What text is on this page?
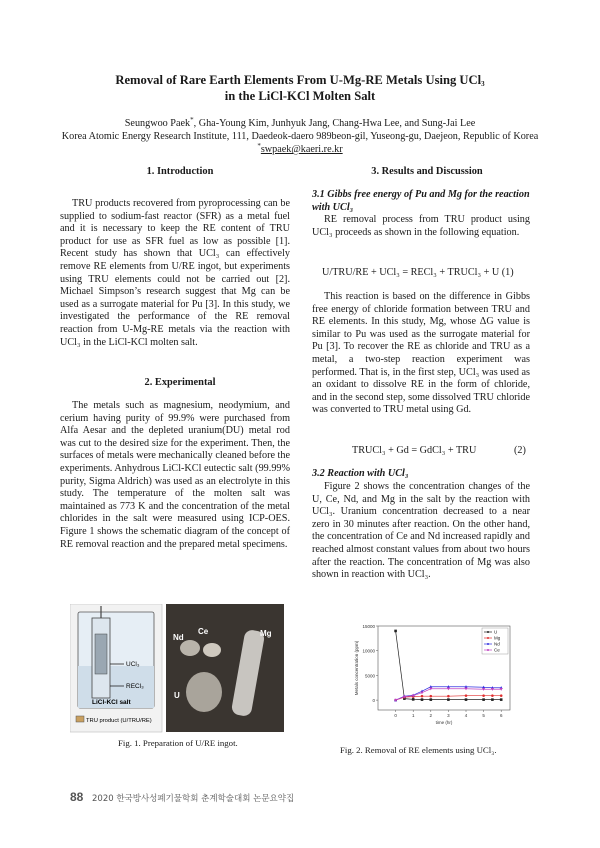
Removal of Rare Earth Elements From U-Mg-RE Metals Using UCl$_3$
in the LiCl-KCl Molten Salt
Seungwoo Paek*, Gha-Young Kim, Junhyuk Jang, Chang-Hwa Lee, and Sung-Jai Lee
Korea Atomic Energy Research Institute, 111, Daedeok-daero 989beon-gil, Yuseong-gu, Daejeon, Republic of Korea
*swpaek@kaeri.re.kr
1. Introduction

TRU products recovered from pyroprocessing can be supplied to sodium-fast reactor (SFR) as a metal fuel and it is necessary to keep the RE content of TRU product for use as SFR fuel as low as possible [1]. Recent study has shown that UCl₃ can effectively remove RE elements from U/RE ingot, but experiments using TRU elements could not be carried out [2]. Michael Simpson’s research suggest that Mg can be used as a surrogate material for Pu [3]. In this study, we investigated the performance of the RE removal reaction from U-Mg-RE metals via the reaction with UCl₃ in the LiCl-KCl molten salt.

2. Experimental

The metals such as magnesium, neodymium, and cerium having purity of 99.9% were purchased from Alfa Aesar and the depleted uranium(DU) metal rod was cut to the desired size for the experiment. Then, the surfaces of metals were mechanically cleaned before the experiments. Anhydrous LiCl-KCl eutectic salt (99.99% purity, Sigma Aldrich) was used as an electrolyte in this study. The temperature of the molten salt was maintained as 773 K and the concentration of the metal chlorides in the salt were measured using ICP-OES. Figure 1 shows the schematic diagram of the concept of RE removal reaction and the prepared metal specimens.

UCl₃
RECl₃
LiCl-KCl salt
TRU product (U/TRU/RE)
Nd
Ce	Mg
U
Fig. 1. Preparation of U/RE ingot.
3. Results and Discussion
3.1 Gibbs free energy of Pu and Mg for the reaction with UCl₃

RE removal process from TRU product using UCl₃ proceeds as shown in the following equation.

U/TRU/RE + UCl₃ = RECl₃ + TRUCl₃ + U (1)

This reaction is based on the difference in Gibbs free energy of chloride formation between TRU and RE elements. In this study, Mg, whose ΔG value is similar to Pu was used as the surrogate material for Pu [3]. To recover the RE as chloride and TRU as a metal, a two-step reaction experiment was performed. That is, in the first step, UCl₃ was used as an oxidant to dissolve RE in the form of chloride, and in the second step, some dissolved TRU chloride was converted to TRU metal using Gd.

TRUCl₃ + Gd = GdCl₃ + TRU	(2)
3.2 Reaction with UCl₃

Figure 2 shows the concentration changes of the U, Ce, Nd, and Mg in the salt by the reaction with UCl₃. Uranium concentration decreased to a near zero in 30 minutes after reaction. On the other hand, the concentration of Ce and Nd increased rapidly and reached almost constant values from about two hours after the reaction. The concentration of Mg was also shown in reaction with UCl₃.

0
5000
10000
15000
0	1	2	3	4	5	6
time (hr)
Metals concentration (ppm)
U
Mg
Nd
Ce
Fig. 2. Removal of RE elements using UCl₃.
88 2020 한국방사성폐기물학회 춘계학술대회 논문요약집
